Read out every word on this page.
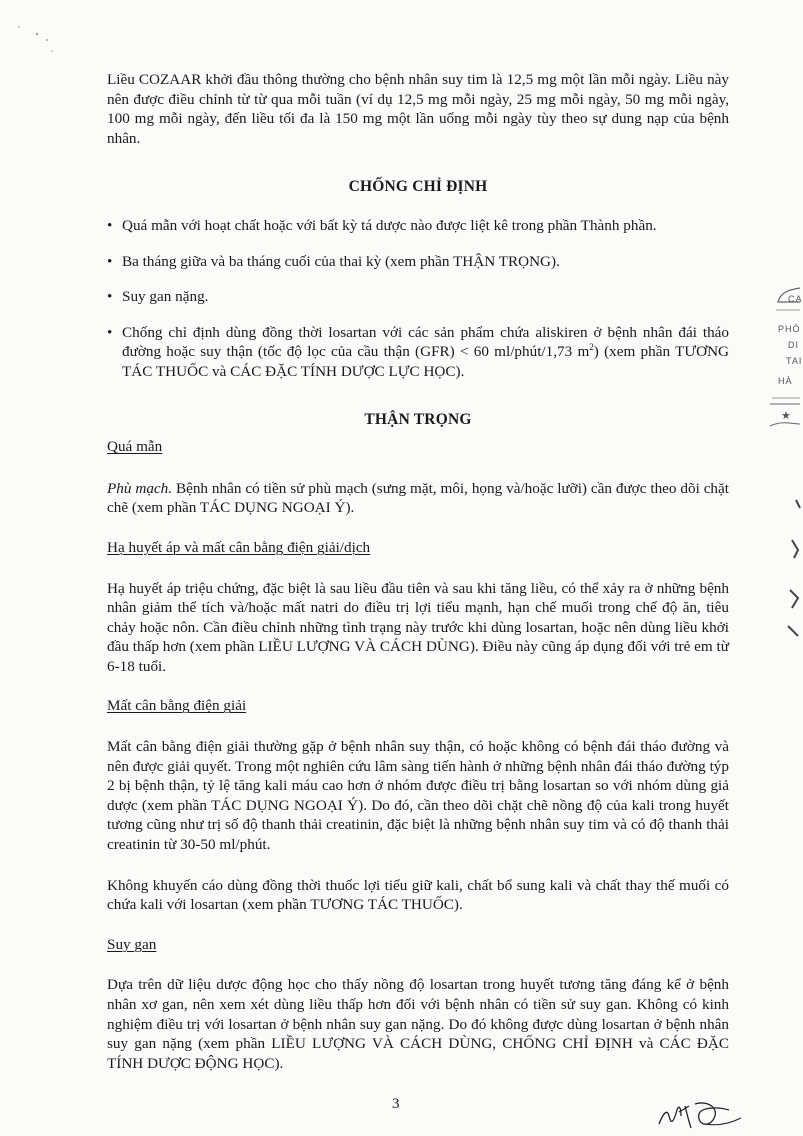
Liều COZAAR khởi đầu thông thường cho bệnh nhân suy tim là 12,5 mg một lần mỗi ngày. Liều này nên được điều chỉnh từ từ qua mỗi tuần (ví dụ 12,5 mg mỗi ngày, 25 mg mỗi ngày, 50 mg mỗi ngày, 100 mg mỗi ngày, đến liều tối đa là 150 mg một lần uống mỗi ngày tùy theo sự dung nạp của bệnh nhân.

CHỐNG CHỈ ĐỊNH
• Quá mẫn với hoạt chất hoặc với bất kỳ tá dược nào được liệt kê trong phần Thành phần.
• Ba tháng giữa và ba tháng cuối của thai kỳ (xem phần THẬN TRỌNG).
• Suy gan nặng.
• Chống chỉ định dùng đồng thời losartan với các sản phẩm chứa aliskiren ở bệnh nhân đái tháo đường hoặc suy thận (tốc độ lọc của cầu thận (GFR) < 60 ml/phút/1,73 $m^2$) (xem phần TƯƠNG TÁC THUỐC và CÁC ĐẶC TÍNH DƯỢC LỰC HỌC).
THẬN TRỌNG

Quá mẫn

Phù mạch. Bệnh nhân có tiền sử phù mạch (sưng mặt, môi, họng và/hoặc lưỡi) cần được theo dõi chặt chẽ (xem phần TÁC DỤNG NGOẠI Ý).

Hạ huyết áp và mất cân bằng điện giải/dịch

Hạ huyết áp triệu chứng, đặc biệt là sau liều đầu tiên và sau khi tăng liều, có thể xảy ra ở những bệnh nhân giảm thể tích và/hoặc mất natri do điều trị lợi tiểu mạnh, hạn chế muối trong chế độ ăn, tiêu chảy hoặc nôn. Cần điều chỉnh những tình trạng này trước khi dùng losartan, hoặc nên dùng liều khởi đầu thấp hơn (xem phần LIỀU LƯỢNG VÀ CÁCH DÙNG). Điều này cũng áp dụng đối với trẻ em từ 6-18 tuổi.

Mất cân bằng điện giải

Mất cân bằng điện giải thường gặp ở bệnh nhân suy thận, có hoặc không có bệnh đái tháo đường và nên được giải quyết. Trong một nghiên cứu lâm sàng tiến hành ở những bệnh nhân đái tháo đường týp 2 bị bệnh thận, tỷ lệ tăng kali máu cao hơn ở nhóm được điều trị bằng losartan so với nhóm dùng giả dược (xem phần TÁC DỤNG NGOẠI Ý). Do đó, cần theo dõi chặt chẽ nồng độ của kali trong huyết tương cũng như trị số độ thanh thải creatinin, đặc biệt là những bệnh nhân suy tim và có độ thanh thải creatinin từ 30-50 ml/phút.

Không khuyến cáo dùng đồng thời thuốc lợi tiểu giữ kali, chất bổ sung kali và chất thay thế muối có chứa kali với losartan (xem phần TƯƠNG TÁC THUỐC).

Suy gan

Dựa trên dữ liệu dược động học cho thấy nồng độ losartan trong huyết tương tăng đáng kể ở bệnh nhân xơ gan, nên xem xét dùng liều thấp hơn đối với bệnh nhân có tiền sử suy gan. Không có kinh nghiệm điều trị với losartan ở bệnh nhân suy gan nặng. Do đó không được dùng losartan ở bệnh nhân suy gan nặng (xem phần LIỀU LƯỢNG VÀ CÁCH DÙNG, CHỐNG CHỈ ĐỊNH và CÁC ĐẶC TÍNH DƯỢC ĐỘNG HỌC).

3
CA
PHÒ
DI
TAI
HÀ
★
